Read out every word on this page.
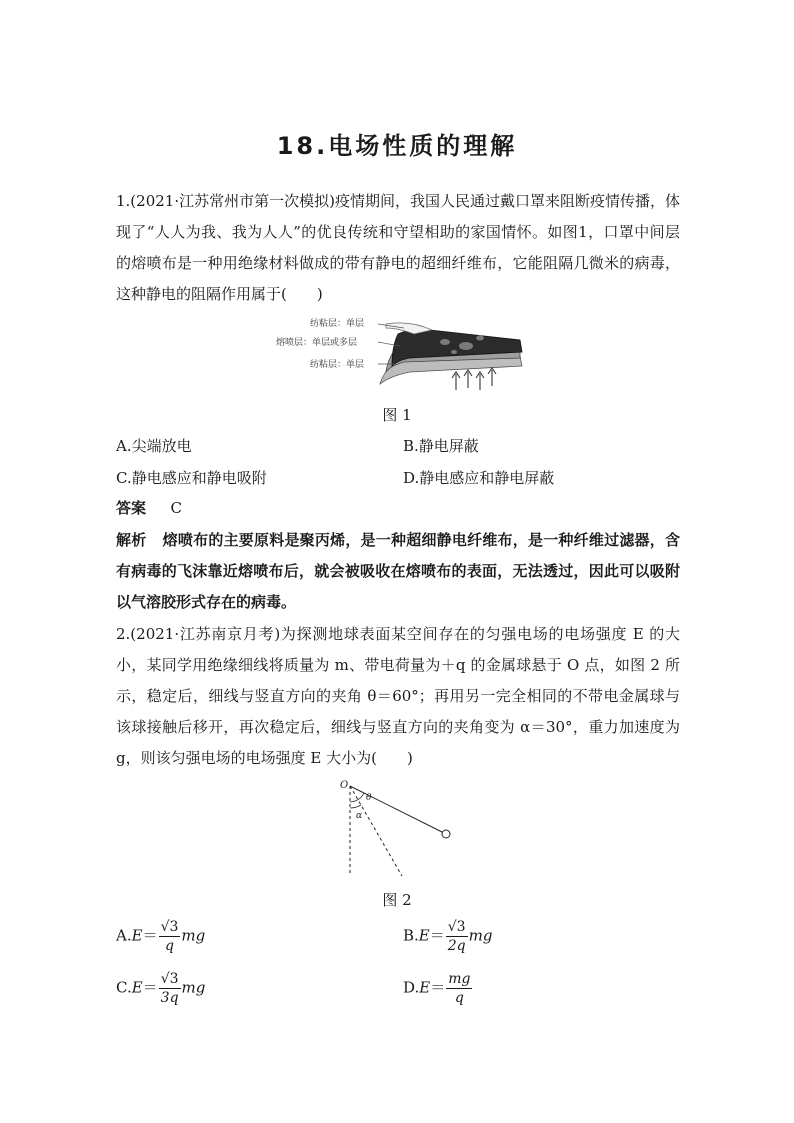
18.电场性质的理解
1.(2021·江苏常州市第一次模拟)疫情期间，我国人民通过戴口罩来阻断疫情传播，体现了“人人为我、我为人人”的优良传统和守望相助的家国情怀。如图1，口罩中间层的熔喷布是一种用绝缘材料做成的带有静电的超细纤维布，它能阻隔几微米的病毒，这种静电的阻隔作用属于(　　)
纺粘层：单层
熔喷层：单层或多层
纺粘层：单层
图 1
A.尖端放电	B.静电屏蔽
C.静电感应和静电吸附	D.静电感应和静电屏蔽
答案 C
解析 熔喷布的主要原料是聚丙烯，是一种超细静电纤维布，是一种纤维过滤器，含有病毒的飞沫靠近熔喷布后，就会被吸收在熔喷布的表面，无法透过，因此可以吸附以气溶胶形式存在的病毒。
2.(2021·江苏南京月考)为探测地球表面某空间存在的匀强电场的电场强度 E 的大小，某同学用绝缘细线将质量为 m、带电荷量为＋q 的金属球悬于 O 点，如图 2 所示，稳定后，细线与竖直方向的夹角 θ＝60°；再用另一完全相同的不带电金属球与该球接触后移开，再次稳定后，细线与竖直方向的夹角变为 α＝30°，重力加速度为 g，则该匀强电场的电场强度 E 大小为(　　)
O
θ
α
图 2
$A.E= \frac{√3}{q}$ mg	$B.E= \frac{√3}{2q}$ mg
$C.E= \frac{√3}{3q}$ mg	$D.E= \frac{mg}{q}$
